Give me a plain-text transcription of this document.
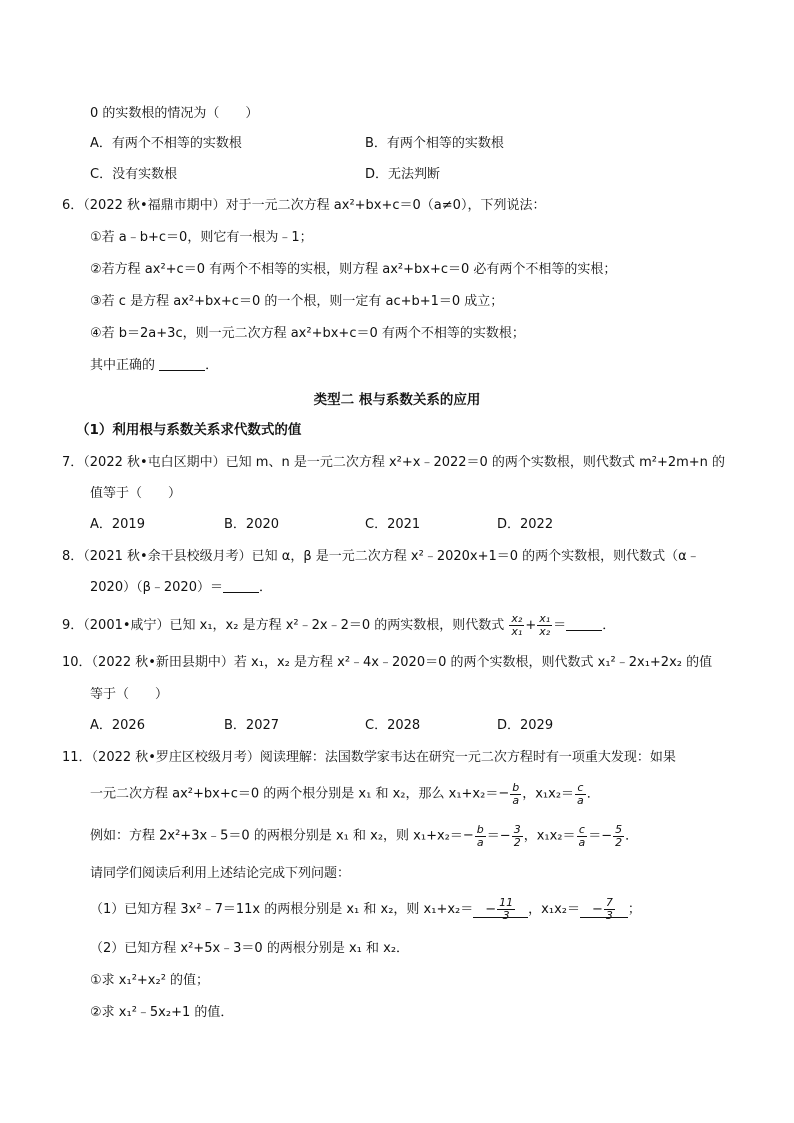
0 的实数根的情况为（　　）
A．有两个不相等的实数根	B．有两个相等的实数根
C．没有实数根	D．无法判断
6．（2022 秋•福鼎市期中）对于一元二次方程 ax²+bx+c＝0（a≠0），下列说法：
①若 a﹣b+c＝0，则它有一根为﹣1；
②若方程 ax²+c＝0 有两个不相等的实根，则方程 ax²+bx+c＝0 必有两个不相等的实根；
③若 c 是方程 ax²+bx+c＝0 的一个根，则一定有 ac+b+1＝0 成立；
④若 b＝2a+3c，则一元二次方程 ax²+bx+c＝0 有两个不相等的实数根；
其中正确的	．
类型二 根与系数关系的应用
（1）利用根与系数关系求代数式的值
7．（2022 秋•屯白区期中）已知 m、n 是一元二次方程 x²+x﹣2022＝0 的两个实数根，则代数式 m²+2m+n 的
值等于（　　）
A．2019	B．2020	C．2021	D．2022
8．（2021 秋•余干县校级月考）已知 α，β 是一元二次方程 x²﹣2020x+1＝0 的两个实数根，则代数式（α﹣
2020）（β﹣2020）＝	．
9．（2001•咸宁）已知 x₁，x₂ 是方程 x²﹣2x﹣2＝0 的两实数根，则代数式 $\frac{\text{x₂}}{\text{x₁}} + \frac{\text{x₁}}{\text{x₂}}$ ＝	．
10．（2022 秋•新田县期中）若 x₁，x₂ 是方程 x²﹣4x﹣2020＝0 的两个实数根，则代数式 x₁²﹣2x₁+2x₂ 的值
等于（　　）
A．2026	B．2027	C．2028	D．2029
11．（2022 秋•罗庄区校级月考）阅读理解：法国数学家韦达在研究一元二次方程时有一项重大发现：如果
一元二次方程 ax²+bx+c＝0 的两个根分别是 x₁ 和 x₂，那么 $x_1+x_2=- \frac{b}{a}$ ，$x_1x_2= \frac{c}{a}$ ．
例如：方程 2x²+3x﹣5＝0 的两根分别是 x₁ 和 x₂，则 $x_1+x_2=- \frac{b}{a} =- \frac{3}{2}$ ，$x_1x_2= \frac{c}{a} =- \frac{5}{2}$ ．
请同学们阅读后利用上述结论完成下列问题：
（1）已知方程 3x²﹣7＝11x 的两根分别是 x₁ 和 x₂，则 $x_1+x_2= - \frac{11}{3}$ ，$x_1x_2= - \frac{7}{3}$ ；
（2）已知方程 x²+5x﹣3＝0 的两根分别是 x₁ 和 x₂．
①求 x₁²+x₂² 的值；
②求 x₁²﹣5x₂+1 的值．
